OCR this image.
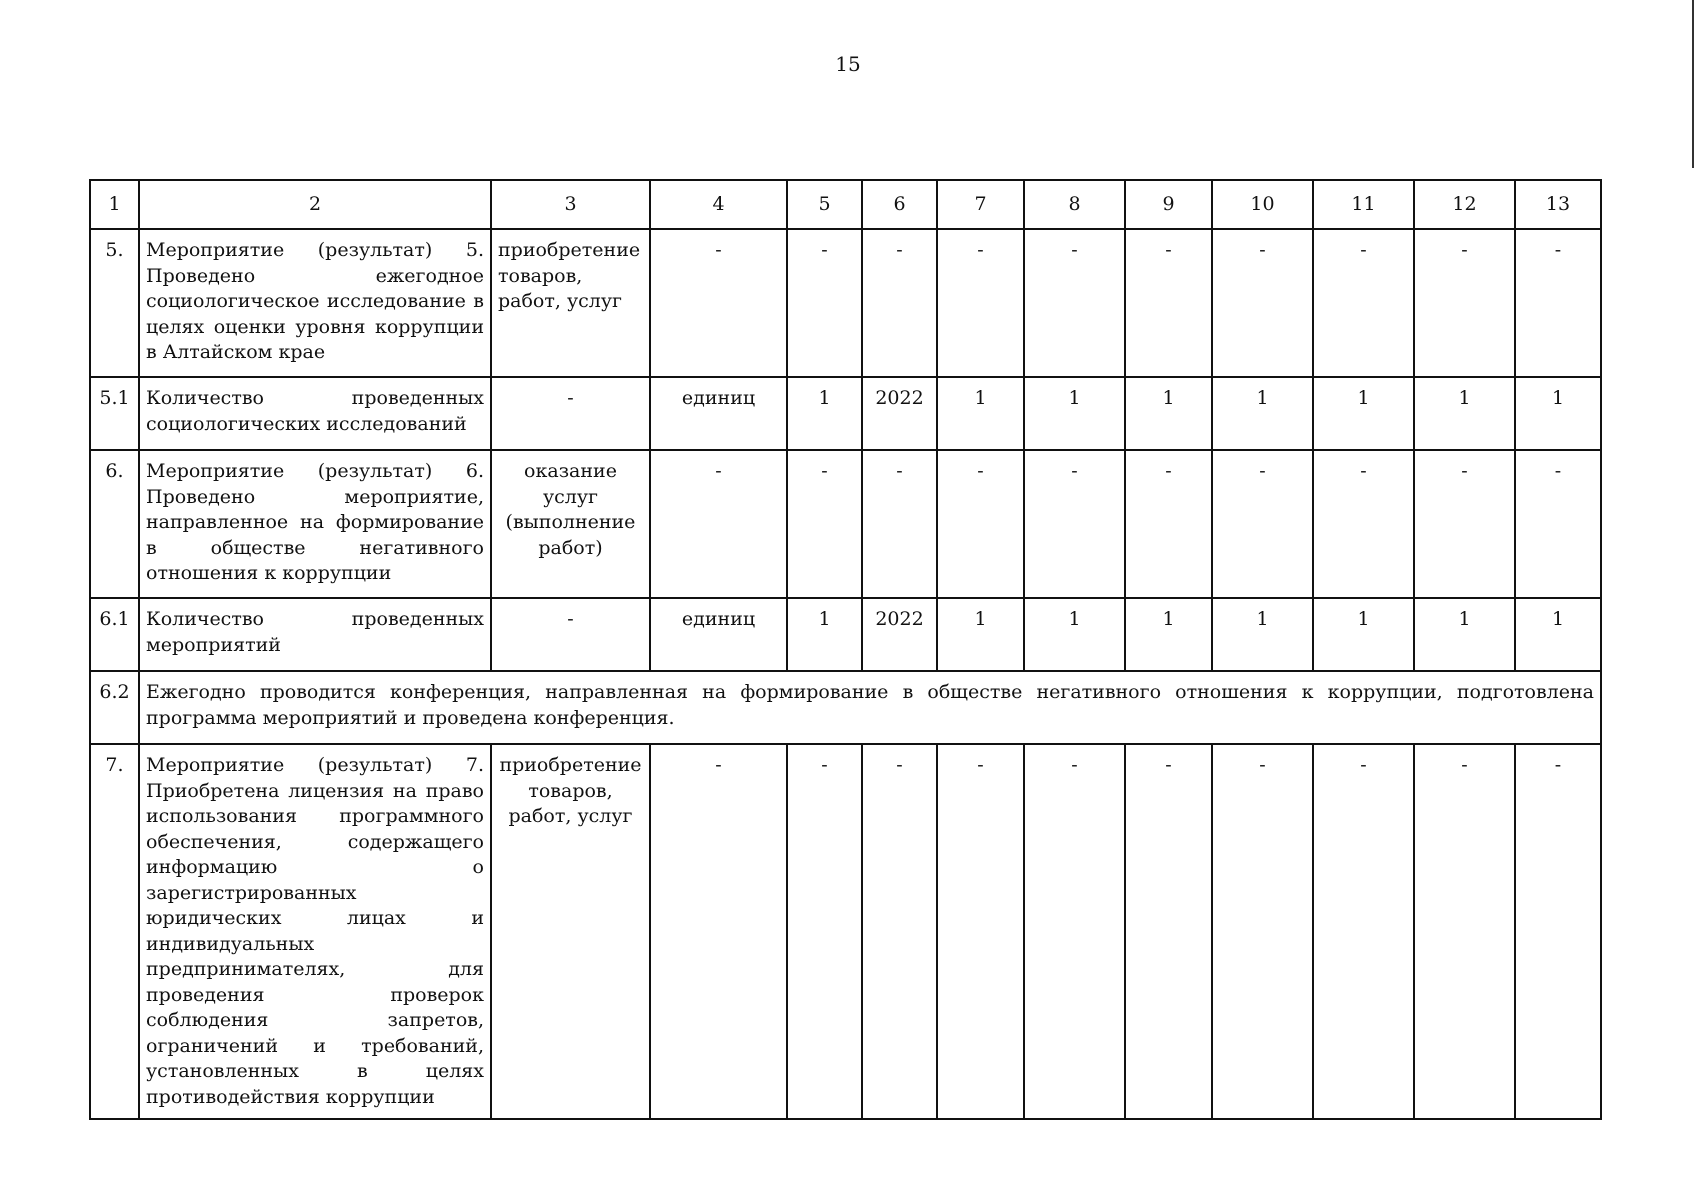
15
1	2	3	4	5	6	7	8	9	10	11	12	13
5.	Мероприятие (результат) 5. Проведено ежегодное социологическое исследование в целях оценки уровня коррупции в Алтайском крае	приобретение товаров, работ, услуг	-	-	-	-	-	-	-	-	-	-
5.1	Количество проведенных социологических исследований	-	единиц	1	2022	1	1	1	1	1	1	1
6.	Мероприятие (результат) 6. Проведено мероприятие, направленное на формирование в обществе негативного отношения к коррупции	оказание услуг (выполнение работ)	-	-	-	-	-	-	-	-	-	-
6.1	Количество проведенных мероприятий	-	единиц	1	2022	1	1	1	1	1	1	1
6.2	Ежегодно проводится конференция, направленная на формирование в обществе негативного отношения к коррупции, подготовлена программа мероприятий и проведена конференция.											
7.	Мероприятие (результат) 7. Приобретена лицензия на право использования программного обеспечения, содержащего информацию о зарегистрированных юридических лицах и индивидуальных предпринимателях, для проведения проверок соблюдения запретов, ограничений и требований, установленных в целях противодействия коррупции	приобретение товаров, работ, услуг	-	-	-	-	-	-	-	-	-	-
